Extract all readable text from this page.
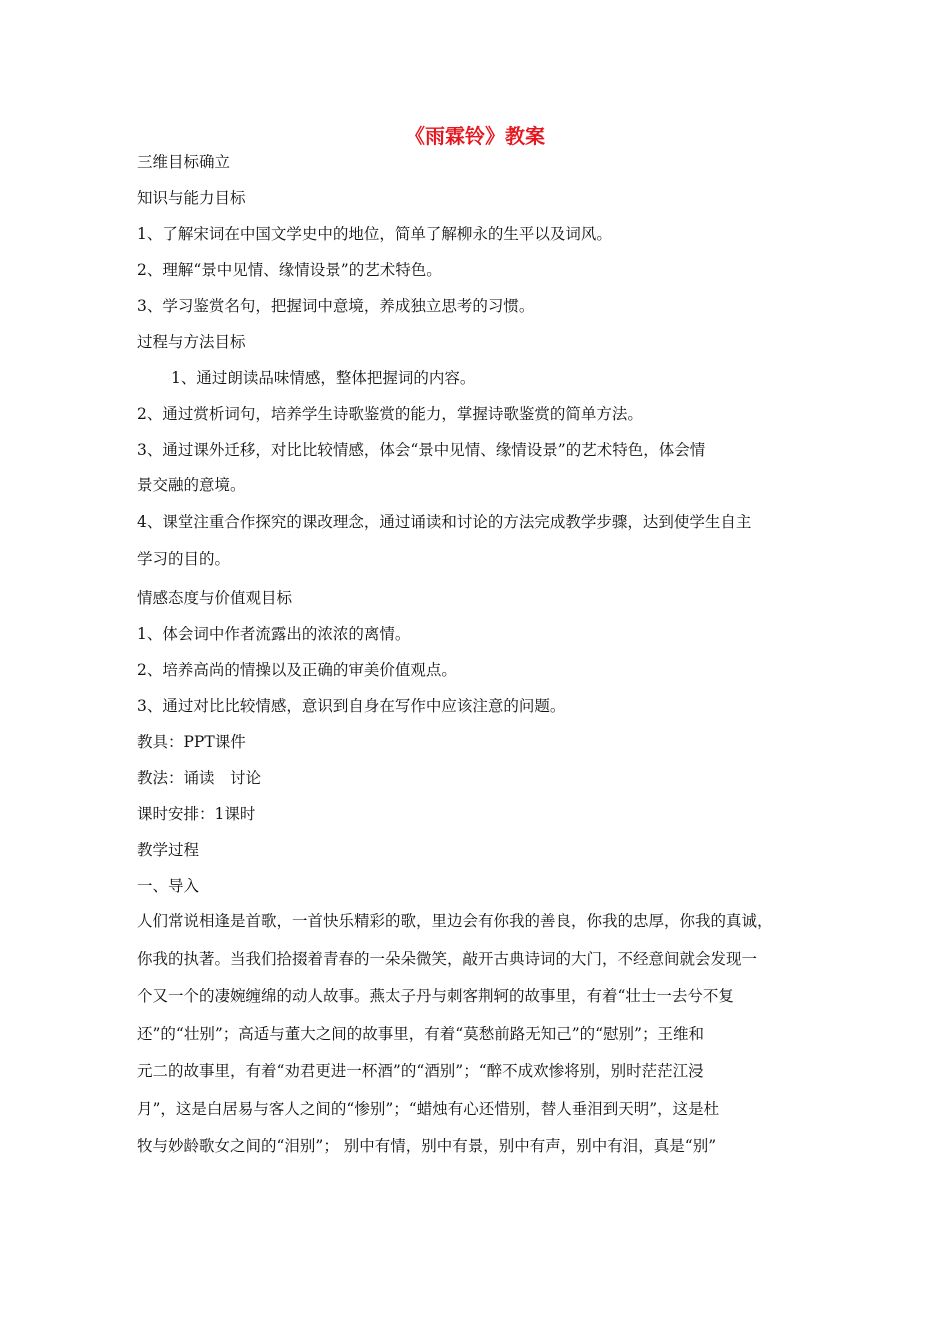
《雨霖铃》教案
三维目标确立
知识与能力目标
1、了解宋词在中国文学史中的地位，简单了解柳永的生平以及词风。
2、理解“景中见情、缘情设景”的艺术特色。
3、学习鉴赏名句，把握词中意境，养成独立思考的习惯。
过程与方法目标
1、通过朗读品味情感，整体把握词的内容。
2、通过赏析词句，培养学生诗歌鉴赏的能力，掌握诗歌鉴赏的简单方法。
3、通过课外迁移，对比比较情感，体会“景中见情、缘情设景”的艺术特色，体会情
景交融的意境。
4、课堂注重合作探究的课改理念，通过诵读和讨论的方法完成教学步骤，达到使学生自主
学习的目的。
情感态度与价值观目标
1、体会词中作者流露出的浓浓的离情。
2、培养高尚的情操以及正确的审美价值观点。
3、通过对比比较情感，意识到自身在写作中应该注意的问题。
教具：PPT课件
教法：诵读　讨论
课时安排：1课时
教学过程
一、导入
人们常说相逢是首歌，一首快乐精彩的歌，里边会有你我的善良，你我的忠厚，你我的真诚，
你我的执著。当我们拾掇着青春的一朵朵微笑，敲开古典诗词的大门，不经意间就会发现一
个又一个的凄婉缠绵的动人故事。燕太子丹与刺客荆轲的故事里，有着“壮士一去兮不复
还”的“壮别”；高适与董大之间的故事里，有着“莫愁前路无知己”的“慰别”；王维和
元二的故事里，有着“劝君更进一杯酒”的“酒别”；“醉不成欢惨将别，别时茫茫江浸
月”，这是白居易与客人之间的“惨别”；“蜡烛有心还惜别，替人垂泪到天明”，这是杜
牧与妙龄歌女之间的“泪别”； 别中有情，别中有景，别中有声，别中有泪，真是“别”
